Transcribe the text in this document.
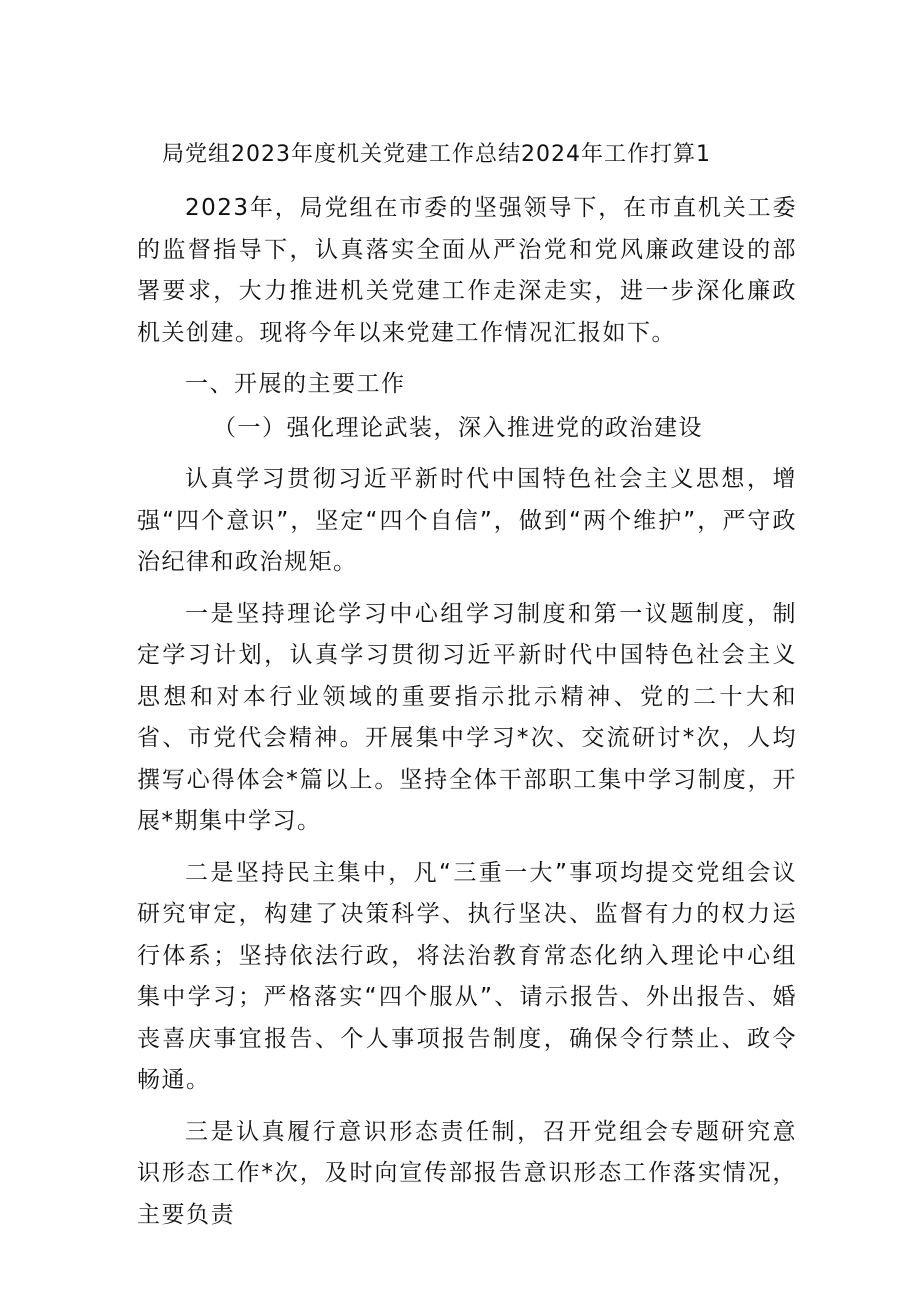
局党组2023年度机关党建工作总结2024年工作打算1

2023年，局党组在市委的坚强领导下，在市直机关工委的监督指导下，认真落实全面从严治党和党风廉政建设的部署要求，大力推进机关党建工作走深走实，进一步深化廉政机关创建。现将今年以来党建工作情况汇报如下。

一、开展的主要工作

（一）强化理论武装，深入推进党的政治建设

认真学习贯彻习近平新时代中国特色社会主义思想，增强“四个意识”，坚定“四个自信”，做到“两个维护”，严守政治纪律和政治规矩。

一是坚持理论学习中心组学习制度和第一议题制度，制定学习计划，认真学习贯彻习近平新时代中国特色社会主义思想和对本行业领域的重要指示批示精神、党的二十大和省、市党代会精神。开展集中学习*次、交流研讨*次，人均撰写心得体会*篇以上。坚持全体干部职工集中学习制度，开展*期集中学习。

二是坚持民主集中，凡“三重一大”事项均提交党组会议研究审定，构建了决策科学、执行坚决、监督有力的权力运行体系；坚持依法行政，将法治教育常态化纳入理论中心组集中学习；严格落实“四个服从”、请示报告、外出报告、婚丧喜庆事宜报告、个人事项报告制度，确保令行禁止、政令畅通。

三是认真履行意识形态责任制，召开党组会专题研究意识形态工作*次，及时向宣传部报告意识形态工作落实情况，主要负责
